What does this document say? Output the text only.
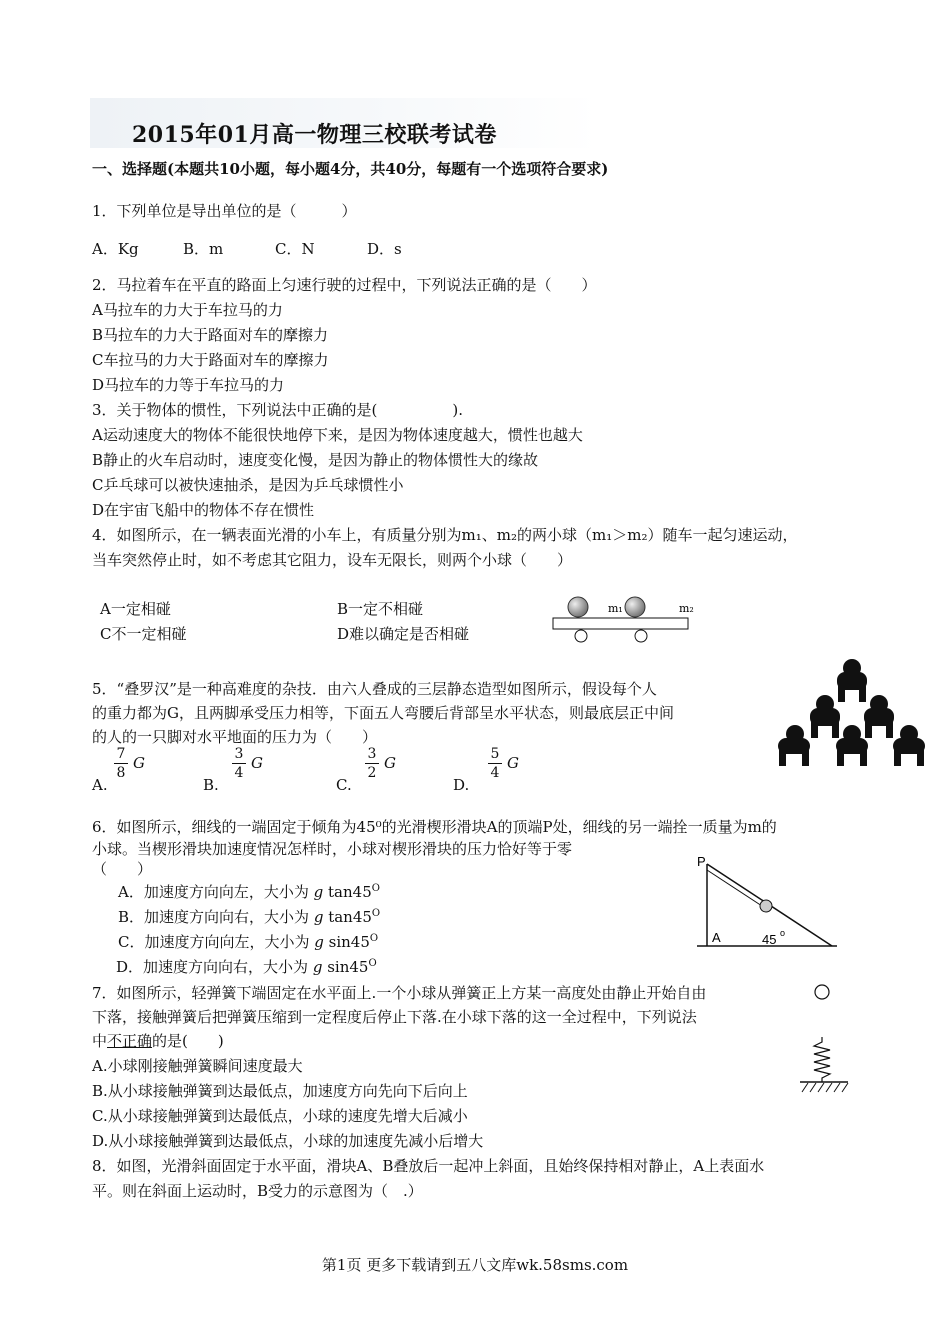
2015年01月高一物理三校联考试卷
一、选择题(本题共10小题，每小题4分，共40分，每题有一个选项符合要求)
1．下列单位是导出单位的是（　　　）
A．Kg	B．m	C．N	D．s
2．马拉着车在平直的路面上匀速行驶的过程中，下列说法正确的是（　　）
A马拉车的力大于车拉马的力
B马拉车的力大于路面对车的摩擦力
C车拉马的力大于路面对车的摩擦力
D马拉车的力等于车拉马的力
3．关于物体的惯性，下列说法中正确的是(　　　　　).
A运动速度大的物体不能很快地停下来，是因为物体速度越大，惯性也越大
B静止的火车启动时，速度变化慢，是因为静止的物体惯性大的缘故
C乒乓球可以被快速抽杀，是因为乒乓球惯性小
D在宇宙飞船中的物体不存在惯性
4．如图所示，在一辆表面光滑的小车上，有质量分别为m₁、m₂的两小球（m₁＞m₂）随车一起匀速运动，
当车突然停止时，如不考虑其它阻力，设车无限长，则两个小球（　　）
A一定相碰	B一定不相碰
C不一定相碰	D难以确定是否相碰
m₁	m₂
5．“叠罗汉”是一种高难度的杂技．由六人叠成的三层静态造型如图所示，假设每个人
的重力都为G，且两脚承受压力相等，下面五人弯腰后背部呈水平状态，则最底层正中间
的人的一只脚对水平地面的压力为（　　）
A.
7
8
G
B.
3
4
G
C.
3
2
G
D.
5
4
G
6．如图所示，细线的一端固定于倾角为45⁰的光滑楔形滑块A的顶端P处，细线的另一端拴一质量为m的
小球。当楔形滑块加速度情况怎样时，小球对楔形滑块的压力恰好等于零
（　　）
A．加速度方向向左，大小为 g $\tan 45^O$
B．加速度方向向右，大小为 g $\tan 45^O$
C．加速度方向向左，大小为 g $\sin 45^O$
D．加速度方向向右，大小为 g $\sin 45^O$
P
A	45 o
7．如图所示，轻弹簧下端固定在水平面上.一个小球从弹簧正上方某一高度处由静止开始自由
下落，接触弹簧后把弹簧压缩到一定程度后停止下落.在小球下落的这一全过程中，下列说法
中不正确的是(　　)
A.小球刚接触弹簧瞬间速度最大
B.从小球接触弹簧到达最低点，加速度方向先向下后向上
C.从小球接触弹簧到达最低点，小球的速度先增大后减小
D.从小球接触弹簧到达最低点，小球的加速度先减小后增大
8．如图，光滑斜面固定于水平面，滑块A、B叠放后一起冲上斜面，且始终保持相对静止，A上表面水
平。则在斜面上运动时，B受力的示意图为（　.）
第1页 更多下载请到五八文库wk.58sms.com
